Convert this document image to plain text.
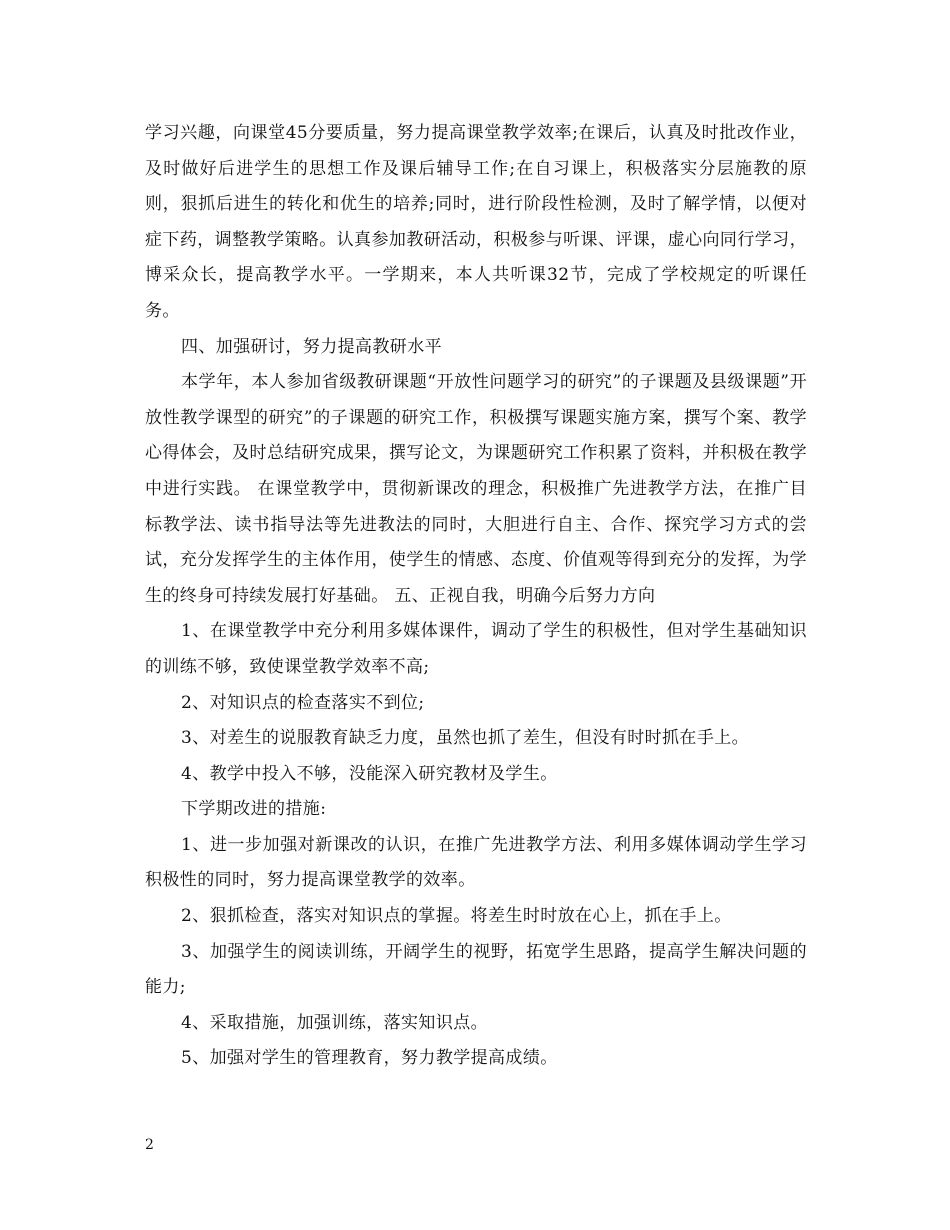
学习兴趣，向课堂45分要质量，努力提高课堂教学效率;在课后，认真及时批改作业，及时做好后进学生的思想工作及课后辅导工作;在自习课上，积极落实分层施教的原则，狠抓后进生的转化和优生的培养;同时，进行阶段性检测，及时了解学情，以便对症下药，调整教学策略。认真参加教研活动，积极参与听课、评课，虚心向同行学习，博采众长，提高教学水平。一学期来，本人共听课32节，完成了学校规定的听课任务。

四、加强研讨，努力提高教研水平

本学年，本人参加省级教研课题“开放性问题学习的研究”的子课题及县级课题”开放性教学课型的研究”的子课题的研究工作，积极撰写课题实施方案，撰写个案、教学心得体会，及时总结研究成果，撰写论文，为课题研究工作积累了资料，并积极在教学中进行实践。 在课堂教学中，贯彻新课改的理念，积极推广先进教学方法，在推广目标教学法、读书指导法等先进教法的同时，大胆进行自主、合作、探究学习方式的尝试，充分发挥学生的主体作用，使学生的情感、态度、价值观等得到充分的发挥，为学生的终身可持续发展打好基础。 五、正视自我，明确今后努力方向

1、在课堂教学中充分利用多媒体课件，调动了学生的积极性，但对学生基础知识的训练不够，致使课堂教学效率不高;

2、对知识点的检查落实不到位;

3、对差生的说服教育缺乏力度，虽然也抓了差生，但没有时时抓在手上。

4、教学中投入不够，没能深入研究教材及学生。

下学期改进的措施:

1、进一步加强对新课改的认识，在推广先进教学方法、利用多媒体调动学生学习积极性的同时，努力提高课堂教学的效率。

2、狠抓检查，落实对知识点的掌握。将差生时时放在心上，抓在手上。

3、加强学生的阅读训练，开阔学生的视野，拓宽学生思路，提高学生解决问题的能力;

4、采取措施，加强训练，落实知识点。

5、加强对学生的管理教育，努力教学提高成绩。

2
